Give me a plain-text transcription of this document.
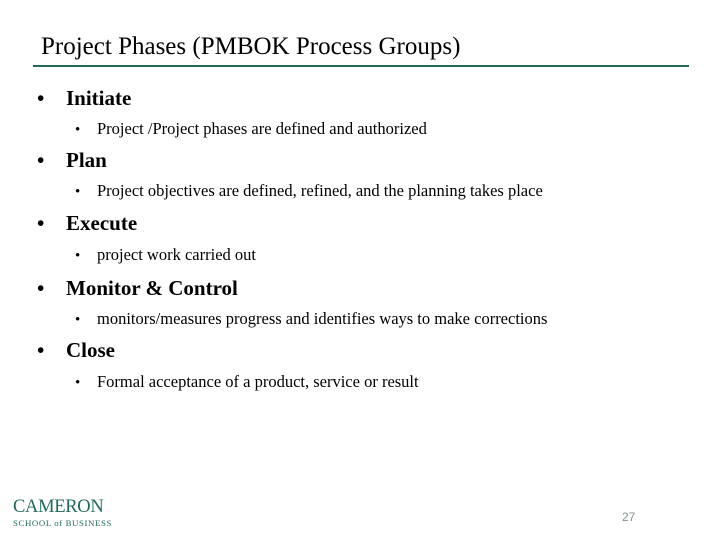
Project Phases (PMBOK Process Groups)
• Initiate
• Project /Project phases are defined and authorized
• Plan
• Project objectives are defined, refined, and the planning takes place
• Execute
• project work carried out
• Monitor & Control
• monitors/measures progress and identifies ways to make corrections
• Close
• Formal acceptance of a product, service or result
CAMERON
SCHOOL of BUSINESS	27
